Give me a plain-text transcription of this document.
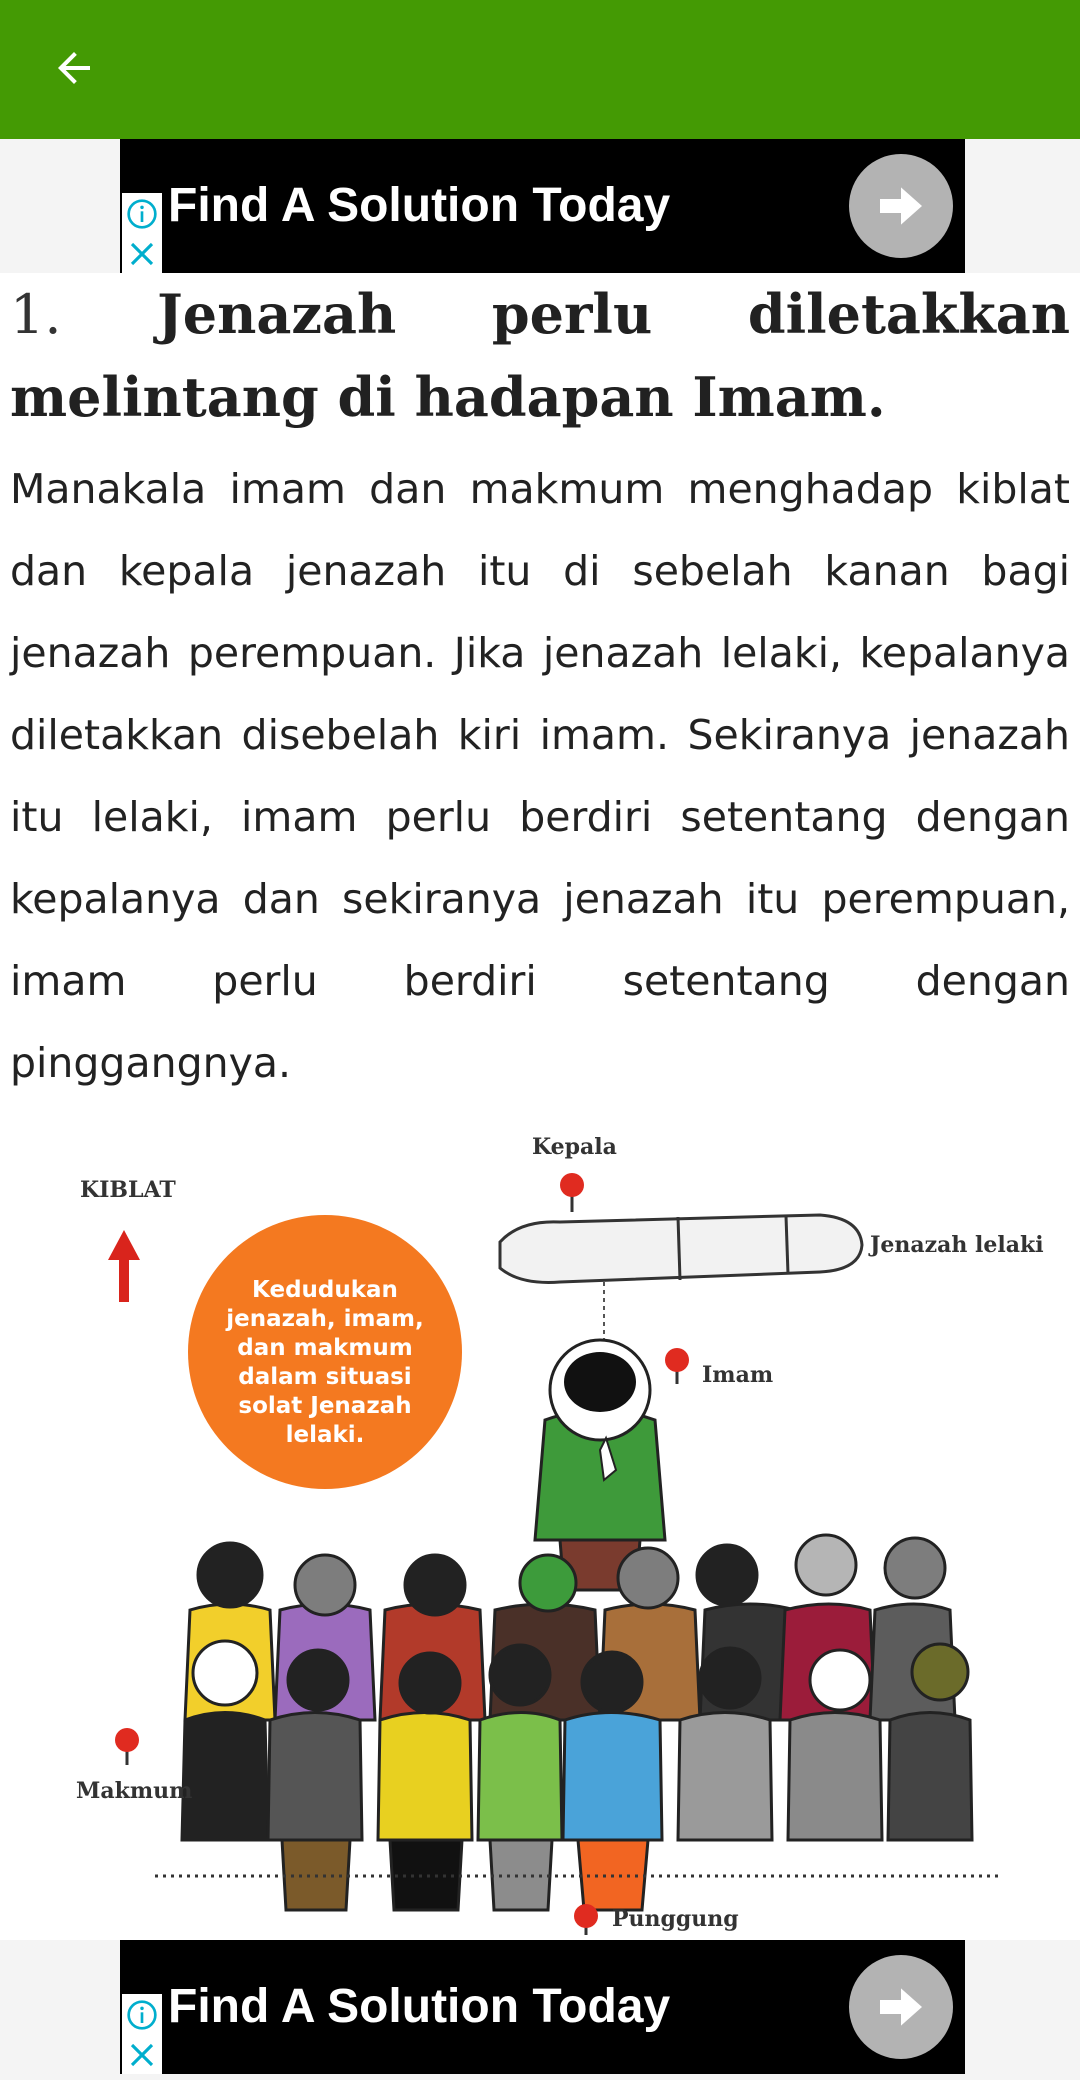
Find A Solution Today
1. Jenazah perlu diletakkan melintang di hadapan Imam.

Manakala imam dan makmum menghadap kiblat dan kepala jenazah itu di sebelah kanan bagi jenazah perempuan. Jika jenazah lelaki, kepalanya diletakkan disebelah kiri imam. Sekiranya jenazah itu lelaki, imam perlu berdiri setentang dengan kepalanya dan sekiranya jenazah itu perempuan, imam perlu berdiri setentang dengan pinggangnya.

KIBLAT
Kedudukan
jenazah, imam,
dan makmum
dalam situasi
solat Jenazah
lelaki.
Kepala
Jenazah lelaki
Imam
Makmum
Punggung
Find A Solution Today
